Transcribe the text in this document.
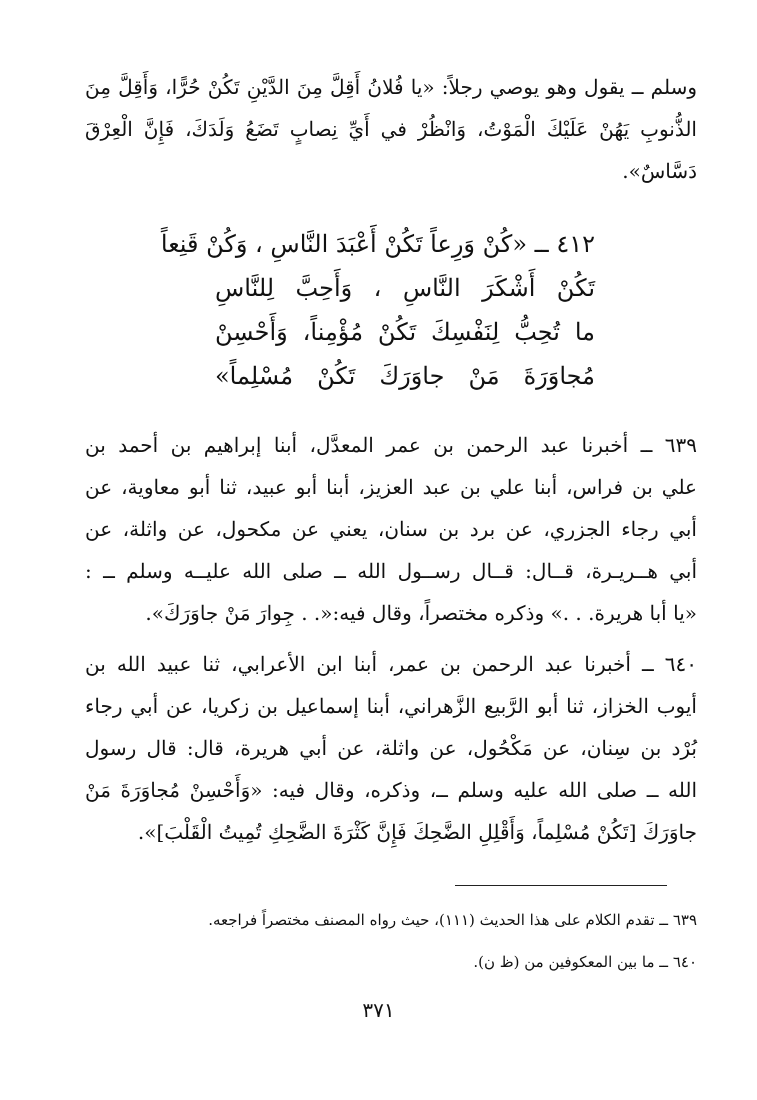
وسلم ــ يقول وهو يوصي رجلاً: «يا فُلانُ أَقِلَّ مِنَ الدَّيْنِ تَكُنْ حُرًّا، وَأَقِلَّ مِنَ
الذُّنوبِ يَهُنْ عَلَيْكَ الْمَوْتُ، وَانْظُرْ في أَيِّ نِصابٍ تَضَعُ وَلَدَكَ، فَإِنَّ الْعِرْقَ
دَسَّاسٌ».
٤١٢ ــ «كُنْ وَرِعاً تَكُنْ أَعْبَدَ النَّاسِ ، وَكُنْ قَنِعاً
تَكُنْ أَشْكَرَ النَّاسِ ، وَأَحِبَّ لِلنَّاسِ
ما تُحِبُّ لِنَفْسِكَ تَكُنْ مُؤْمِناً، وَأَحْسِنْ
مُجاوَرَةَ مَنْ جاوَرَكَ تَكُنْ مُسْلِماً»
٦٣٩ ــ أخبرنا عبد الرحمن بن عمر المعدَّل، أبنا إبراهيم بن أحمد بن
علي بن فراس، أبنا علي بن عبد العزيز، أبنا أبو عبيد، ثنا أبو معاوية، عن
أبي رجاء الجزري، عن برد بن سنان، يعني عن مكحول، عن واثلة، عن
أبي هــريـرة، قــال: قــال رســول الله ــ صلى الله عليــه وسلم ــ :
«يا أبا هريرة. . .» وذكره مختصراً، وقال فيه:«. . جِوارَ مَنْ جاوَرَكَ».
٦٤٠ ــ أخبرنا عبد الرحمن بن عمر، أبنا ابن الأعرابي، ثنا عبيد الله بن
أيوب الخزاز، ثنا أبو الرَّبيع الزَّهراني، أبنا إسماعيل بن زكريا، عن أبي رجاء
بُرْد بن سِنان، عن مَكْحُول، عن واثلة، عن أبي هريرة، قال: قال رسول
الله ــ صلى الله عليه وسلم ــ، وذكره، وقال فيه: «وَأَحْسِنْ مُجاوَرَةَ مَنْ
جاوَرَكَ [تَكُنْ مُسْلِماً، وَأَقْلِلِ الضَّحِكَ فَإِنَّ كَثْرَةَ الضَّحِكِ تُمِيتُ الْقَلْبَ]».
٦٣٩ ــ تقدم الكلام على هذا الحديث (١١١)، حيث رواه المصنف مختصراً فراجعه.
٦٤٠ ــ ما بين المعكوفين من (ظ ن).
٣٧١
